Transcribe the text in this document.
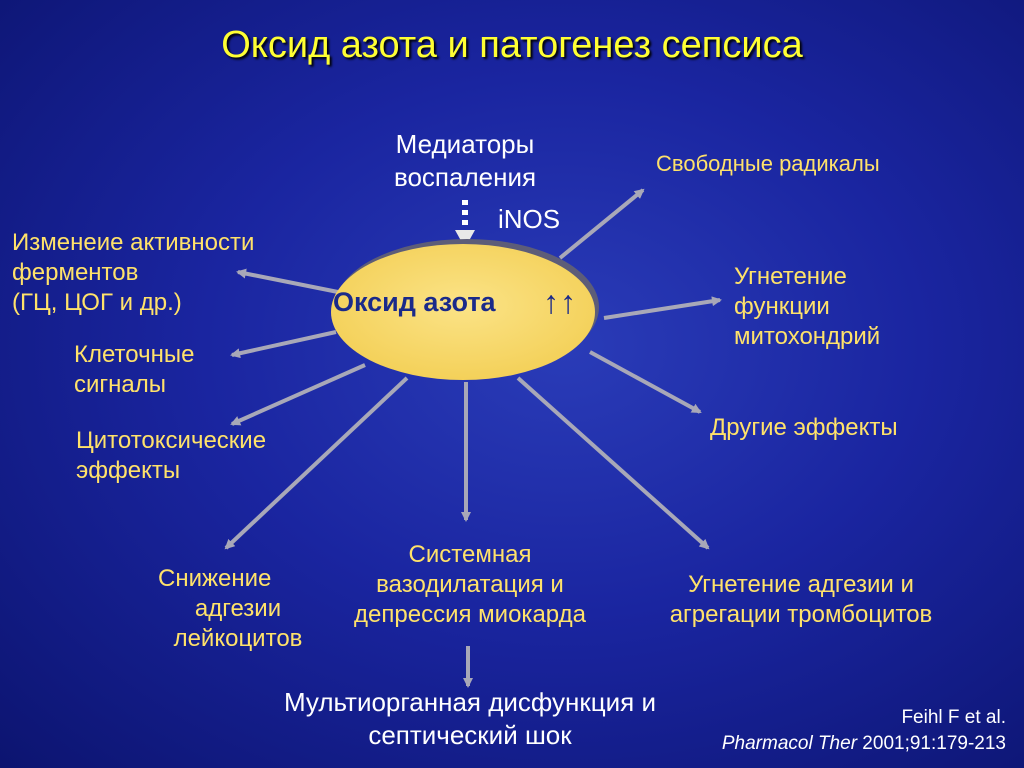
Оксид азота и патогенез сепсиса
Оксид азота ↑↑
Медиаторы
воспаления
iNOS
Изменеие активности
ферментов
(ГЦ, ЦОГ и др.)
Клеточные
сигналы
Цитотоксические
эффекты
Снижение
адгезии
лейкоцитов
Свободные радикалы
Угнетение
функции
митохондрий
Другие эффекты
Угнетение адгезии и
агрегации тромбоцитов
Системная
вазодилатация и
депрессия миокарда
Мультиорганная дисфункция и
септический шок
Feihl F et al.
Pharmacol Ther 2001;91:179-213
